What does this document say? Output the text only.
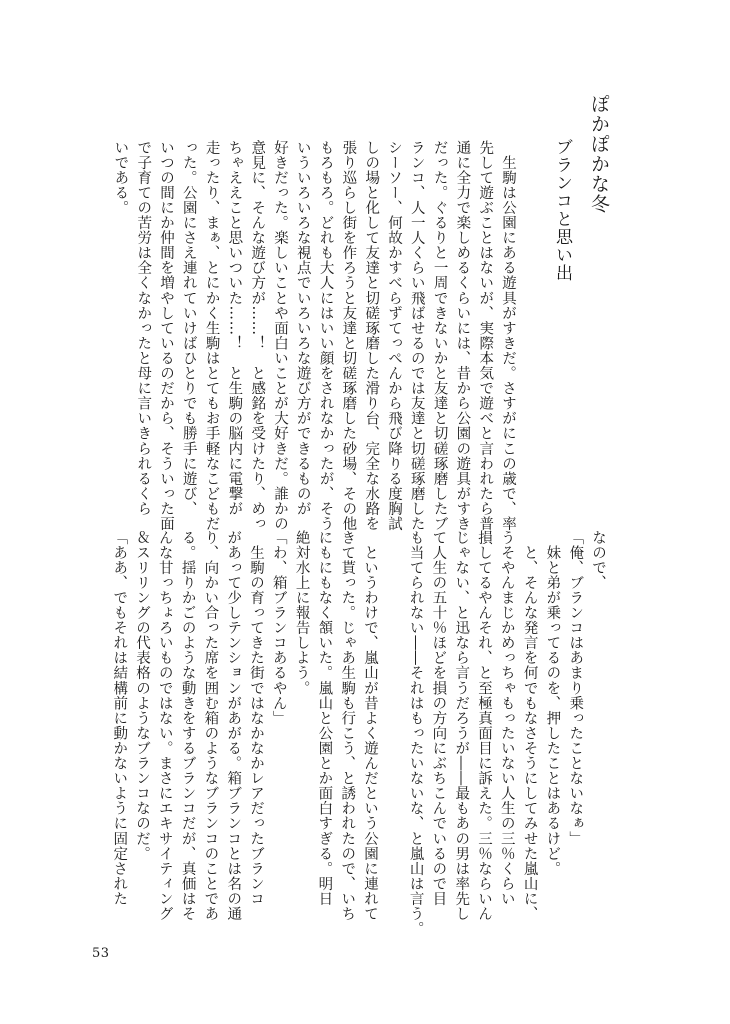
ぽかぽかな冬
ブランコと思い出
　生駒は公園にある遊具がすきだ。さすがにこの歳で、率
先して遊ぶことはないが、実際本気で遊べと言われたら普
通に全力で楽しめるくらいには、昔から公園の遊具がすき
だった。ぐるりと一周できないかと友達と切磋琢磨したブ
ランコ、人一人くらい飛ばせるのでは友達と切磋琢磨した
シーソー、何故かすべらずてっぺんから飛び降りる度胸試
しの場と化して友達と切磋琢磨した滑り台、完全な水路を
張り巡らし街を作ろうと友達と切磋琢磨した砂場、その他
もろもろ。どれも大人にはいい顔をされなかったが、そう
いういろいろな視点でいろいろな遊び方ができるものが
好きだった。楽しいことや面白いことが大好きだ。誰かの
意見に、そんな遊び方が……！　と感銘を受けたり、めっ
ちゃええこと思いついた……！　と生駒の脳内に電撃が
走ったり、まぁ、とにかく生駒はとてもお手軽なこどもだ
った。公園にさえ連れていけばひとりでも勝手に遊び、
いつの間にか仲間を増やしているのだから、そういった面
で子育ての苦労は全くなかったと母に言いきられるくら
いである。
なので、
「俺、ブランコはあまり乗ったことないなぁ」
　妹と弟が乗ってるのを、押したことはあるけど。
　と、そんな発言を何でもなさそうにしてみせた嵐山に、
うそやんまじかめっちゃもったいない人生の三％くらい
損してるやんそれ、と至極真面目に訴えた。三％ならいん
じゃない、と迅なら言うだろうが――最もあの男は率先し
て人生の五十％ほどを損の方向にぶちこんでいるので目
も当てられない――それはもったいないな、と嵐山は言う。
　というわけで、嵐山が昔よく遊んだという公園に連れて
きて貰った。じゃあ生駒も行こう、と誘われたので、いち
にもにもなく頷いた。嵐山と公園とか面白すぎる。明日
絶対水上に報告しよう。
「わ、箱ブランコあるやん」
　生駒の育ってきた街ではなかなかレアだったブランコ
があって少しテンションがあがる。箱ブランコとは名の通
り、向かい合った席を囲む箱のようなブランコのことであ
る。揺りかごのような動きをするブランコだが、真価はそ
んな甘っちょろいものではない。まさにエキサイティング
＆スリリングの代表格のようなブランコなのだ。
「ああ、でもそれは結構前に動かないように固定された
53
